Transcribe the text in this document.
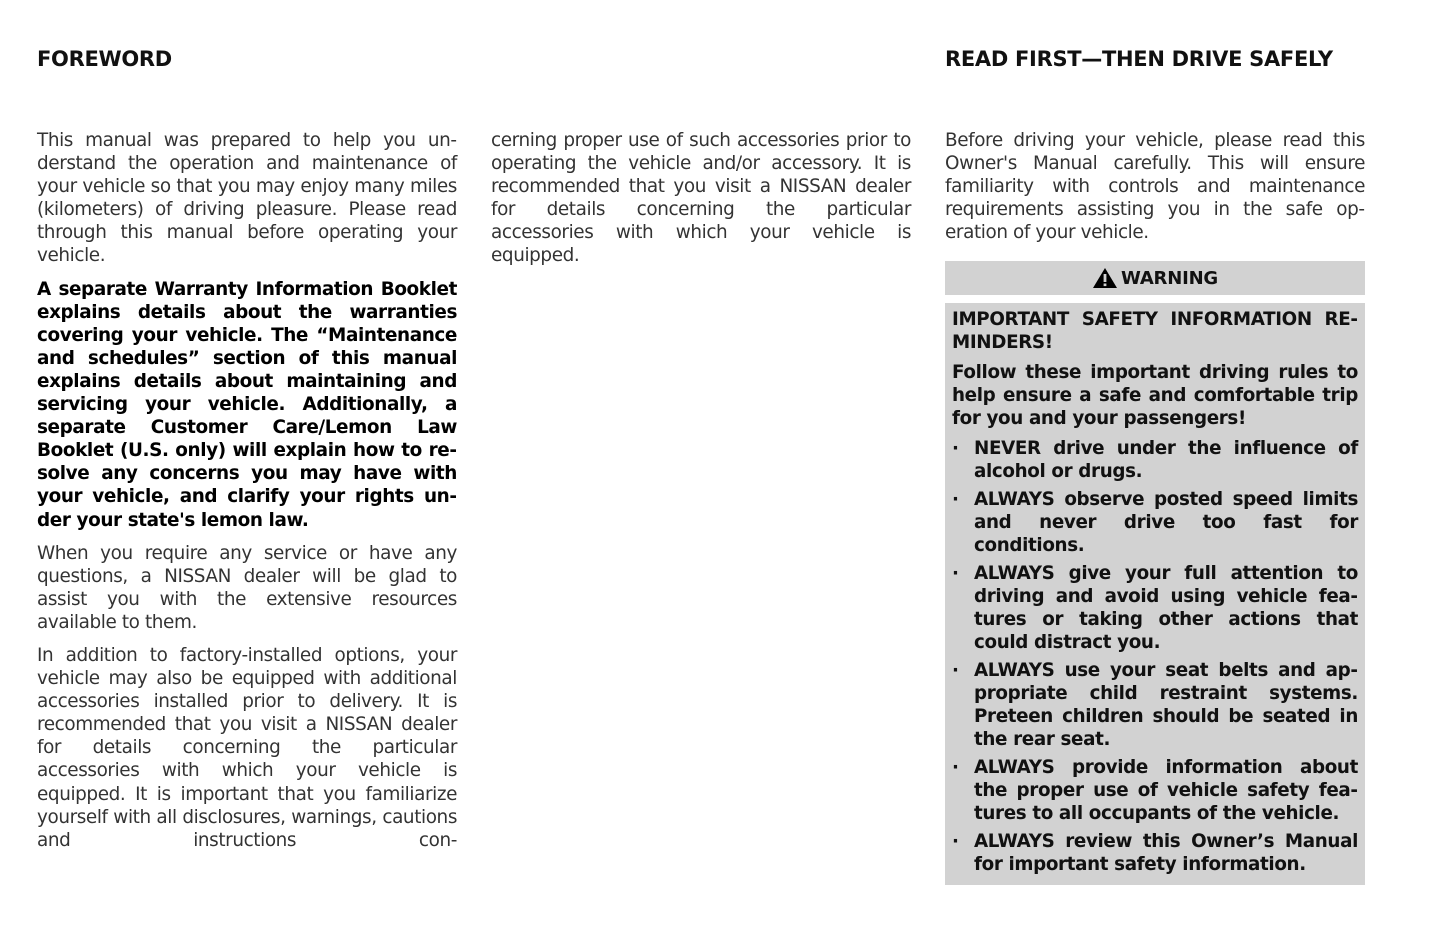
FOREWORD	READ FIRST—THEN DRIVE SAFELY

This manual was prepared to help you understand the operation and maintenance of your vehicle so that you may enjoy many miles (kilometers) of driving pleasure. Please read through this manual before operating your vehicle.

A separate Warranty Information Booklet explains details about the warranties covering your vehicle. The “Maintenance and schedules” section of this manual explains details about maintaining and servicing your vehicle. Additionally, a separate Customer Care/Lemon Law Booklet (U.S. only) will explain how to resolve any concerns you may have with your vehicle, and clarify your rights under your state's lemon law.

When you require any service or have any questions, a NISSAN dealer will be glad to assist you with the extensive resources available to them.

In addition to factory-installed options, your vehicle may also be equipped with additional accessories installed prior to delivery. It is recommended that you visit a NISSAN dealer for details concerning the particular accessories with which your vehicle is equipped. It is important that you familiarize yourself with all disclosures, warnings, cautions and instructions con-

cerning proper use of such accessories prior to operating the vehicle and/or accessory. It is recommended that you visit a NISSAN dealer for details concerning the particular accessories with which your vehicle is equipped.

Before driving your vehicle, please read this Owner's Manual carefully. This will ensure familiarity with controls and maintenance requirements assisting you in the safe operation of your vehicle.

WARNING

IMPORTANT SAFETY INFORMATION REMINDERS!

Follow these important driving rules to help ensure a safe and comfortable trip for you and your passengers!

· NEVER drive under the influence of alcohol or drugs.
· ALWAYS observe posted speed limits and never drive too fast for conditions.
· ALWAYS give your full attention to driving and avoid using vehicle features or taking other actions that could distract you.
· ALWAYS use your seat belts and appropriate child restraint systems. Preteen children should be seated in the rear seat.
· ALWAYS provide information about the proper use of vehicle safety features to all occupants of the vehicle.
· ALWAYS review this Owner’s Manual for important safety information.
